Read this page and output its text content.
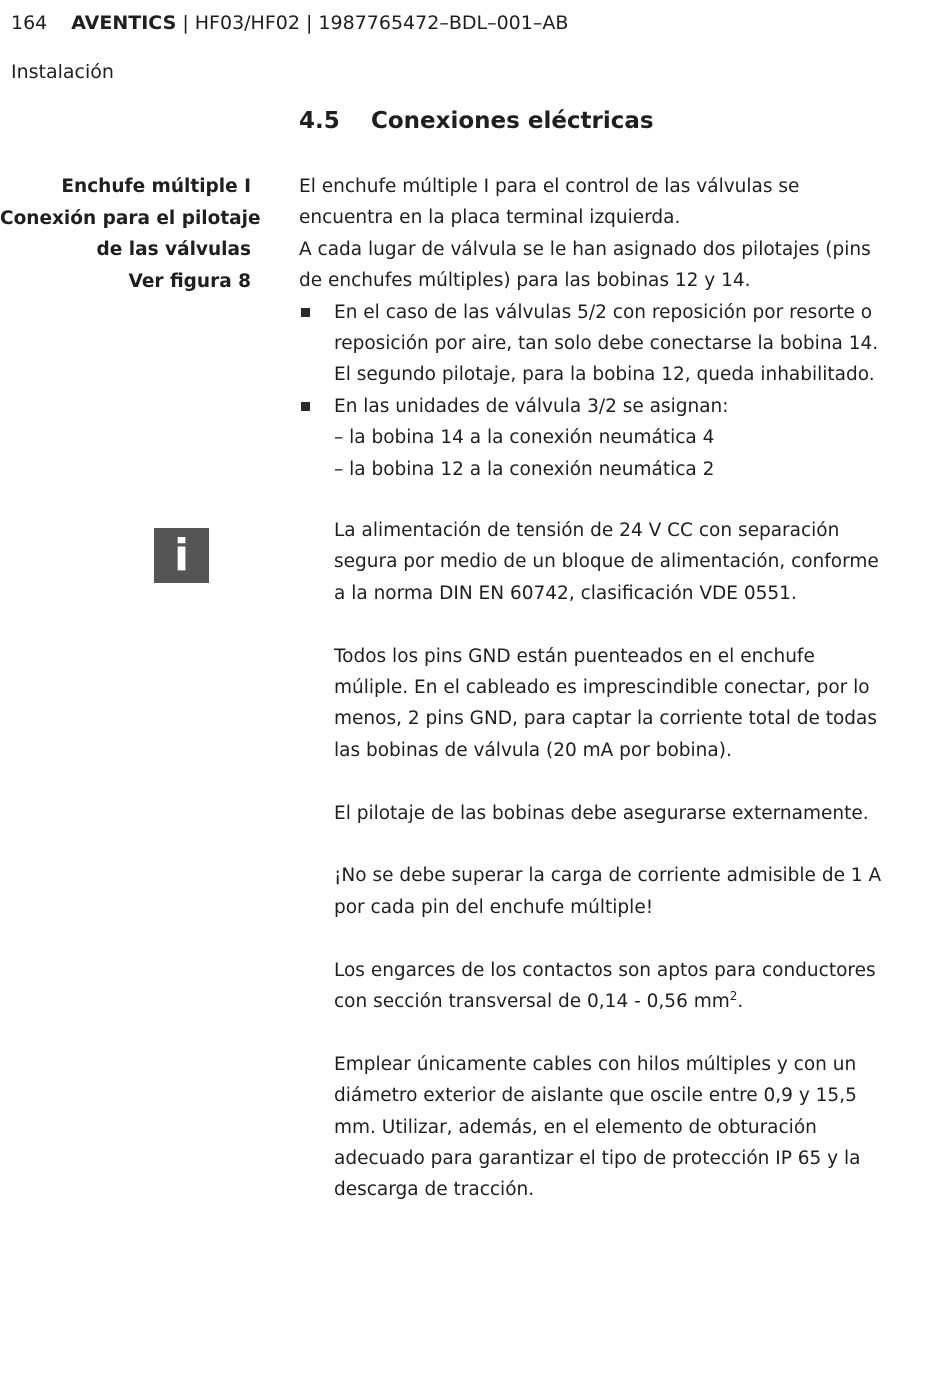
164 AVENTICS | HF03/HF02 | 1987765472–BDL–001–AB
Instalación
4.5 Conexiones eléctricas
Enchufe múltiple I
Conexión para el pilotaje
de las válvulas
Ver figura 8

El enchufe múltiple I para el control de las válvulas se encuentra en la placa terminal izquierda.

A cada lugar de válvula se le han asignado dos pilotajes (pins de enchufes múltiples) para las bobinas 12 y 14.

En el caso de las válvulas 5/2 con reposición por resorte o reposición por aire, tan solo debe conectarse la bobina 14. El segundo pilotaje, para la bobina 12, queda inhabilitado.
En las unidades de válvula 3/2 se asignan:
– la bobina 14 a la conexión neumática 4
– la bobina 12 a la conexión neumática 2
i	La alimentación de tensión de 24 V CC con separación segura por medio de un bloque de alimentación, conforme a la norma DIN EN 60742, clasificación VDE 0551.

Todos los pins GND están puenteados en el enchufe múliple. En el cableado es imprescindible conectar, por lo menos, 2 pins GND, para captar la corriente total de todas las bobinas de válvula (20 mA por bobina).

El pilotaje de las bobinas debe asegurarse externamente.

¡No se debe superar la carga de corriente admisible de 1 A por cada pin del enchufe múltiple!

Los engarces de los contactos son aptos para conductores con sección transversal de 0,14 - 0,56 $mm^2$.

Emplear únicamente cables con hilos múltiples y con un diámetro exterior de aislante que oscile entre 0,9 y 15,5 mm. Utilizar, además, en el elemento de obturación adecuado para garantizar el tipo de protección IP 65 y la descarga de tracción.
